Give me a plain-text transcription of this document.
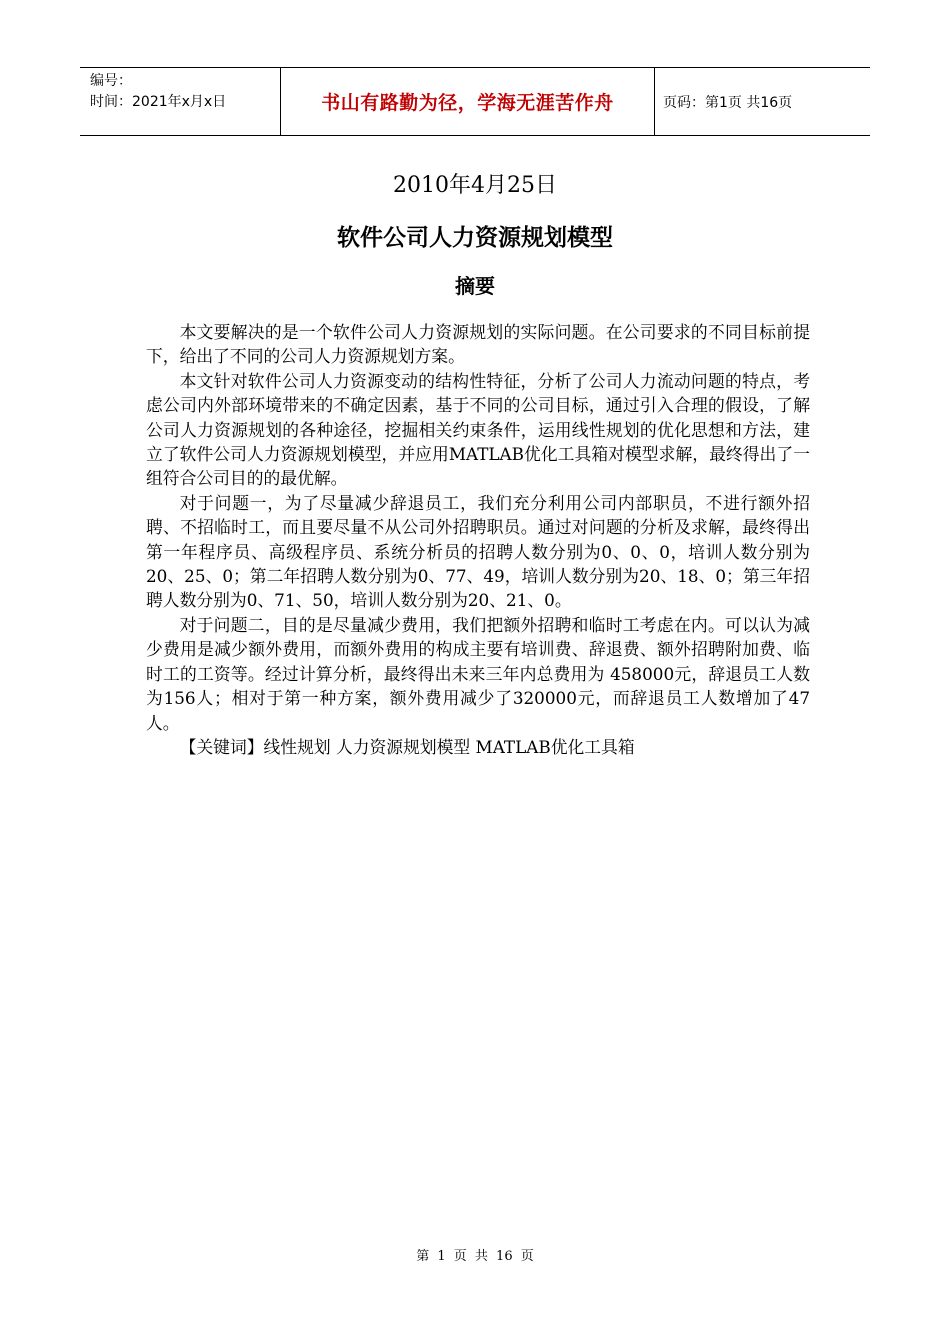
编号：
时间：2021年x月x日	书山有路勤为径，学海无涯苦作舟	页码：第1页 共16页
2010年4月25日
软件公司人力资源规划模型
摘要

本文要解决的是一个软件公司人力资源规划的实际问题。在公司要求的不同目标前提下，给出了不同的公司人力资源规划方案。

本文针对软件公司人力资源变动的结构性特征，分析了公司人力流动问题的特点，考虑公司内外部环境带来的不确定因素，基于不同的公司目标，通过引入合理的假设，了解公司人力资源规划的各种途径，挖掘相关约束条件，运用线性规划的优化思想和方法，建立了软件公司人力资源规划模型，并应用MATLAB优化工具箱对模型求解，最终得出了一组符合公司目的的最优解。

对于问题一，为了尽量减少辞退员工，我们充分利用公司内部职员，不进行额外招聘、不招临时工，而且要尽量不从公司外招聘职员。通过对问题的分析及求解，最终得出第一年程序员、高级程序员、系统分析员的招聘人数分别为0、0、0，培训人数分别为20、25、0；第二年招聘人数分别为0、77、49，培训人数分别为20、18、0；第三年招聘人数分别为0、71、50，培训人数分别为20、21、0。

对于问题二，目的是尽量减少费用，我们把额外招聘和临时工考虑在内。可以认为减少费用是减少额外费用，而额外费用的构成主要有培训费、辞退费、额外招聘附加费、临时工的工资等。经过计算分析，最终得出未来三年内总费用为 458000元，辞退员工人数为156人；相对于第一种方案，额外费用减少了320000元，而辞退员工人数增加了47人。

【关键词】线性规划 人力资源规划模型 MATLAB优化工具箱

第 1 页 共 16 页
